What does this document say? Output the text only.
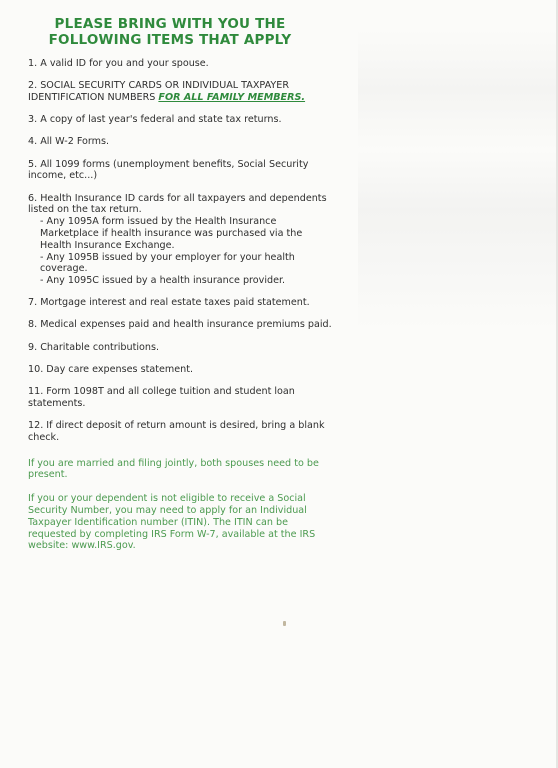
PLEASE BRING WITH YOU THE
FOLLOWING ITEMS THAT APPLY
1. A valid ID for you and your spouse.
2. SOCIAL SECURITY CARDS OR INDIVIDUAL TAXPAYER IDENTIFICATION NUMBERS FOR ALL FAMILY MEMBERS.
3. A copy of last year's federal and state tax returns.
4. All W-2 Forms.
5. All 1099 forms (unemployment benefits, Social Security income, etc...)
6. Health Insurance ID cards for all taxpayers and dependents listed on the tax return.
- Any 1095A form issued by the Health Insurance Marketplace if health insurance was purchased via the Health Insurance Exchange.
- Any 1095B issued by your employer for your health coverage.
- Any 1095C issued by a health insurance provider.
7. Mortgage interest and real estate taxes paid statement.
8. Medical expenses paid and health insurance premiums paid.
9. Charitable contributions.
10. Day care expenses statement.
11. Form 1098T and all college tuition and student loan statements.
12. If direct deposit of return amount is desired, bring a blank check.
If you are married and filing jointly, both spouses need to be present.
If you or your dependent is not eligible to receive a Social Security Number, you may need to apply for an Individual Taxpayer Identification number (ITIN). The ITIN can be requested by completing IRS Form W-7, available at the IRS website: www.IRS.gov.
